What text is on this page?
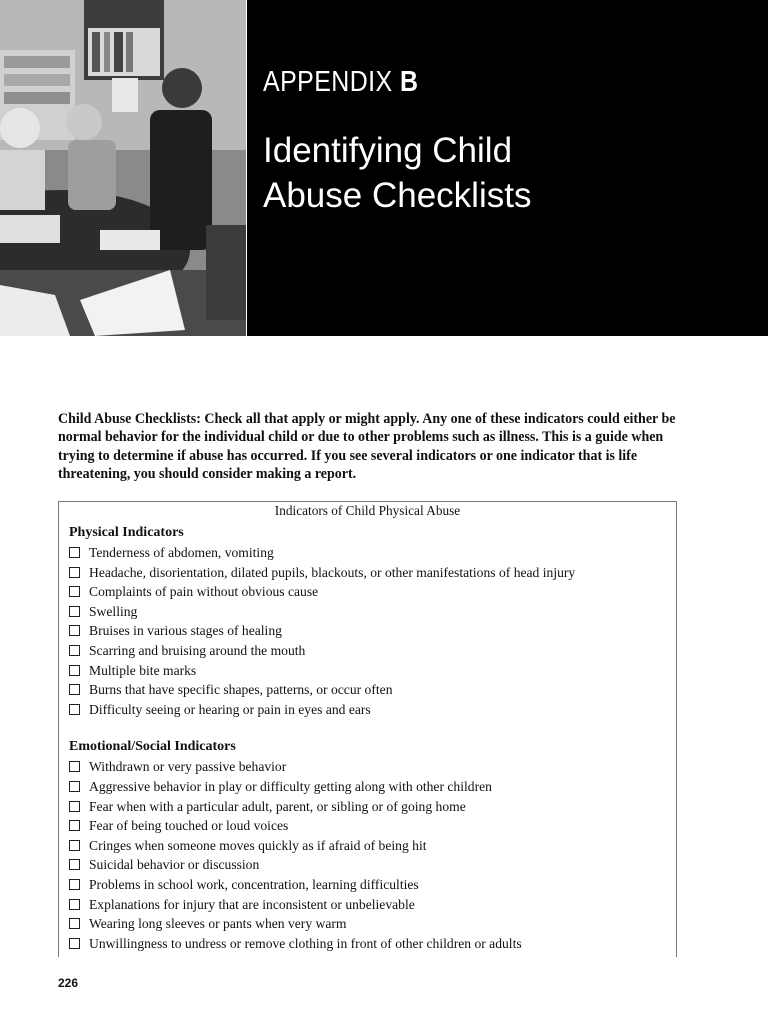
APPENDIX B
Identifying Child
Abuse Checklists

Child Abuse Checklists: Check all that apply or might apply. Any one of these indicators could either be normal behavior for the individual child or due to other problems such as illness. This is a guide when trying to determine if abuse has occurred. If you see several indicators or one indicator that is life threatening, you should consider making a report.

Indicators of Child Physical Abuse
Physical Indicators
Tenderness of abdomen, vomiting
Headache, disorientation, dilated pupils, blackouts, or other manifestations of head injury
Complaints of pain without obvious cause
Swelling
Bruises in various stages of healing
Scarring and bruising around the mouth
Multiple bite marks
Burns that have specific shapes, patterns, or occur often
Difficulty seeing or hearing or pain in eyes and ears
Emotional/Social Indicators
Withdrawn or very passive behavior
Aggressive behavior in play or difficulty getting along with other children
Fear when with a particular adult, parent, or sibling or of going home
Fear of being touched or loud voices
Cringes when someone moves quickly as if afraid of being hit
Suicidal behavior or discussion
Problems in school work, concentration, learning difficulties
Explanations for injury that are inconsistent or unbelievable
Wearing long sleeves or pants when very warm
Unwillingness to undress or remove clothing in front of other children or adults
226
